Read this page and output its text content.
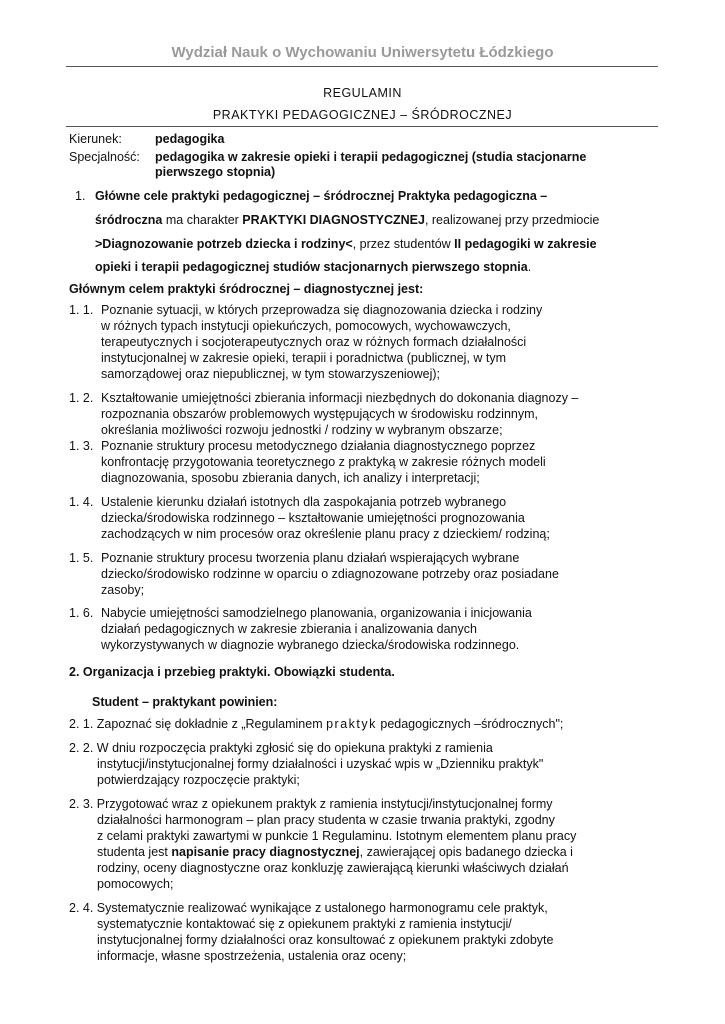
Wydział Nauk o Wychowaniu Uniwersytetu Łódzkiego
REGULAMIN
PRAKTYKI PEDAGOGICZNEJ – ŚRÓDROCZNEJ
Kierunek:	pedagogika
Specjalność: pedagogika w zakresie opieki i terapii pedagogicznej (studia stacjonarne
pierwszego stopnia)
1. Główne cele praktyki pedagogicznej – śródrocznej Praktyka pedagogiczna –
śródroczna ma charakter PRAKTYKI DIAGNOSTYCZNEJ, realizowanej przy przedmiocie
>Diagnozowanie potrzeb dziecka i rodziny<, przez studentów II pedagogiki w zakresie
opieki i terapii pedagogicznej studiów stacjonarnych pierwszego stopnia.
Głównym celem praktyki śródrocznej – diagnostycznej jest:
1. 1. Poznanie sytuacji, w których przeprowadza się diagnozowania dziecka i rodziny
w różnych typach instytucji opiekuńczych, pomocowych, wychowawczych,
terapeutycznych i socjoterapeutycznych oraz w różnych formach działalności
instytucjonalnej w zakresie opieki, terapii i poradnictwa (publicznej, w tym
samorządowej oraz niepublicznej, w tym stowarzyszeniowej);
1. 2. Kształtowanie umiejętności zbierania informacji niezbędnych do dokonania diagnozy –
rozpoznania obszarów problemowych występujących w środowisku rodzinnym,
określania możliwości rozwoju jednostki / rodziny w wybranym obszarze;
1. 3. Poznanie struktury procesu metodycznego działania diagnostycznego poprzez
konfrontację przygotowania teoretycznego z praktyką w zakresie różnych modeli
diagnozowania, sposobu zbierania danych, ich analizy i interpretacji;
1. 4. Ustalenie kierunku działań istotnych dla zaspokajania potrzeb wybranego
dziecka/środowiska rodzinnego – kształtowanie umiejętności prognozowania
zachodzących w nim procesów oraz określenie planu pracy z dzieckiem/ rodziną;
1. 5. Poznanie struktury procesu tworzenia planu działań wspierających wybrane
dziecko/środowisko rodzinne w oparciu o zdiagnozowane potrzeby oraz posiadane
zasoby;
1. 6. Nabycie umiejętności samodzielnego planowania, organizowania i inicjowania
działań pedagogicznych w zakresie zbierania i analizowania danych
wykorzystywanych w diagnozie wybranego dziecka/środowiska rodzinnego.
2. Organizacja i przebieg praktyki. Obowiązki studenta.
Student – praktykant powinien:
2. 1. Zapoznać się dokładnie z „Regulaminem praktyk pedagogicznych –śródrocznych";
2. 2. W dniu rozpoczęcia praktyki zgłosić się do opiekuna praktyki z ramienia
instytucji/instytucjonalnej formy działalności i uzyskać wpis w „Dzienniku praktyk"
potwierdzający rozpoczęcie praktyki;
2. 3. Przygotować wraz z opiekunem praktyk z ramienia instytucji/instytucjonalnej formy
działalności harmonogram – plan pracy studenta w czasie trwania praktyki, zgodny
z celami praktyki zawartymi w punkcie 1 Regulaminu. Istotnym elementem planu pracy
studenta jest napisanie pracy diagnostycznej, zawierającej opis badanego dziecka i
rodziny, oceny diagnostyczne oraz konkluzję zawierającą kierunki właściwych działań
pomocowych;
2. 4. Systematycznie realizować wynikające z ustalonego harmonogramu cele praktyk,
systematycznie kontaktować się z opiekunem praktyki z ramienia instytucji/
instytucjonalnej formy działalności oraz konsultować z opiekunem praktyki zdobyte
informacje, własne spostrzeżenia, ustalenia oraz oceny;
